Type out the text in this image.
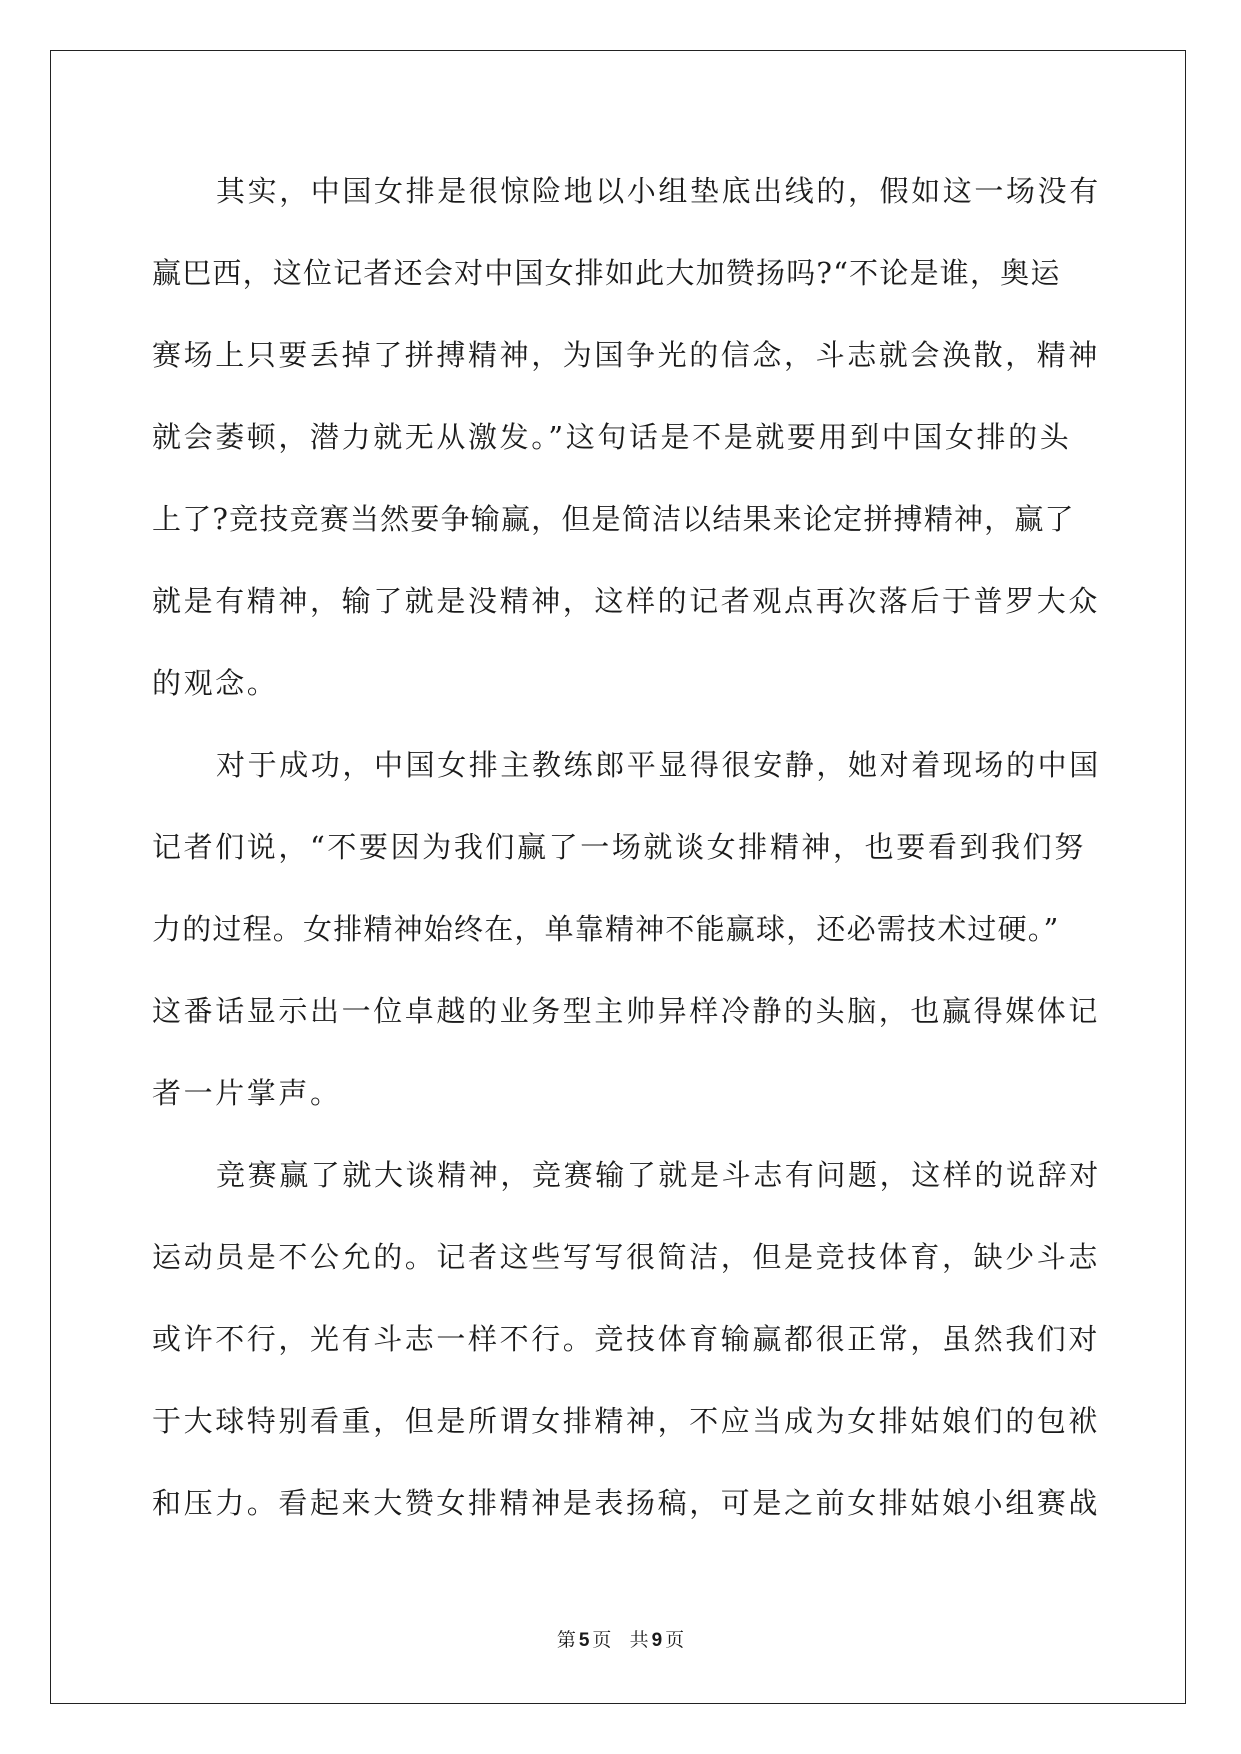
其实，中国女排是很惊险地以小组垫底出线的，假如这一场没有
赢巴西，这位记者还会对中国女排如此大加赞扬吗?“不论是谁，奥运
赛场上只要丢掉了拼搏精神，为国争光的信念，斗志就会涣散，精神
就会萎顿，潜力就无从激发。”这句话是不是就要用到中国女排的头
上了?竞技竞赛当然要争输赢，但是简洁以结果来论定拼搏精神，赢了
就是有精神，输了就是没精神，这样的记者观点再次落后于普罗大众
的观念。
对于成功，中国女排主教练郎平显得很安静，她对着现场的中国
记者们说，“不要因为我们赢了一场就谈女排精神，也要看到我们努
力的过程。女排精神始终在，单靠精神不能赢球，还必需技术过硬。”
这番话显示出一位卓越的业务型主帅异样冷静的头脑，也赢得媒体记
者一片掌声。
竞赛赢了就大谈精神，竞赛输了就是斗志有问题，这样的说辞对
运动员是不公允的。记者这些写写很简洁，但是竞技体育，缺少斗志
或许不行，光有斗志一样不行。竞技体育输赢都很正常，虽然我们对
于大球特别看重，但是所谓女排精神，不应当成为女排姑娘们的包袱
和压力。看起来大赞女排精神是表扬稿，可是之前女排姑娘小组赛战
第 5 页 共 9 页
